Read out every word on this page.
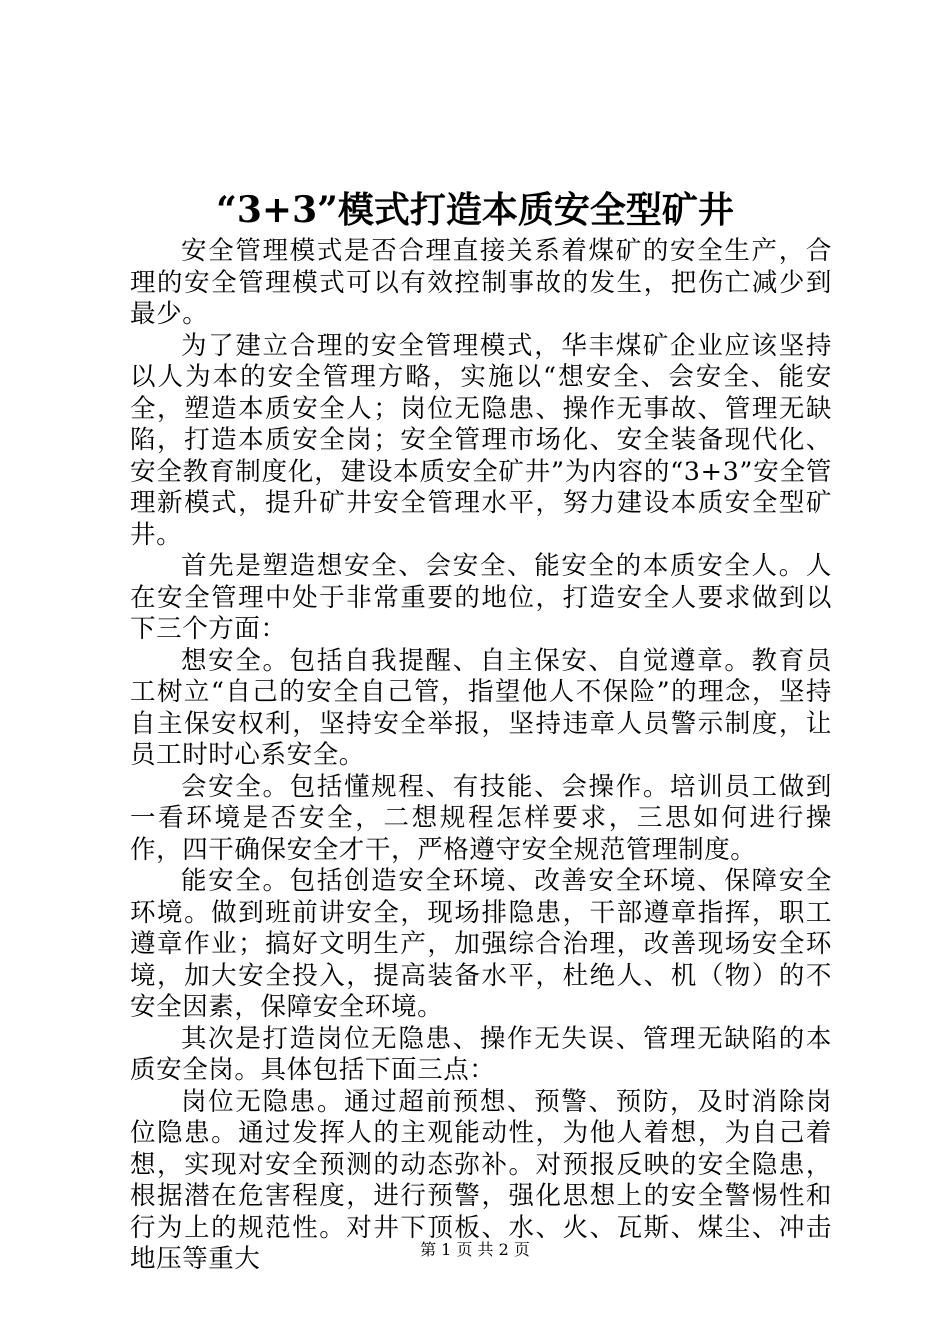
“3+3”模式打造本质安全型矿井

安全管理模式是否合理直接关系着煤矿的安全生产，合理的安全管理模式可以有效控制事故的发生，把伤亡减少到最少。

为了建立合理的安全管理模式，华丰煤矿企业应该坚持以人为本的安全管理方略，实施以“想安全、会安全、能安全，塑造本质安全人；岗位无隐患、操作无事故、管理无缺陷，打造本质安全岗；安全管理市场化、安全装备现代化、安全教育制度化，建设本质安全矿井”为内容的“3+3”安全管理新模式，提升矿井安全管理水平，努力建设本质安全型矿井。

首先是塑造想安全、会安全、能安全的本质安全人。人在安全管理中处于非常重要的地位，打造安全人要求做到以下三个方面：

想安全。包括自我提醒、自主保安、自觉遵章。教育员工树立“自己的安全自己管，指望他人不保险”的理念，坚持自主保安权利，坚持安全举报，坚持违章人员警示制度，让员工时时心系安全。

会安全。包括懂规程、有技能、会操作。培训员工做到一看环境是否安全，二想规程怎样要求，三思如何进行操作，四干确保安全才干，严格遵守安全规范管理制度。

能安全。包括创造安全环境、改善安全环境、保障安全环境。做到班前讲安全，现场排隐患，干部遵章指挥，职工遵章作业；搞好文明生产，加强综合治理，改善现场安全环境，加大安全投入，提高装备水平，杜绝人、机（物）的不安全因素，保障安全环境。

其次是打造岗位无隐患、操作无失误、管理无缺陷的本质安全岗。具体包括下面三点：

岗位无隐患。通过超前预想、预警、预防，及时消除岗位隐患。通过发挥人的主观能动性，为他人着想，为自己着想，实现对安全预测的动态弥补。对预报反映的安全隐患，根据潜在危害程度，进行预警，强化思想上的安全警惕性和行为上的规范性。对井下顶板、水、火、瓦斯、煤尘、冲击地压等重大	第 1 页 共 2 页
